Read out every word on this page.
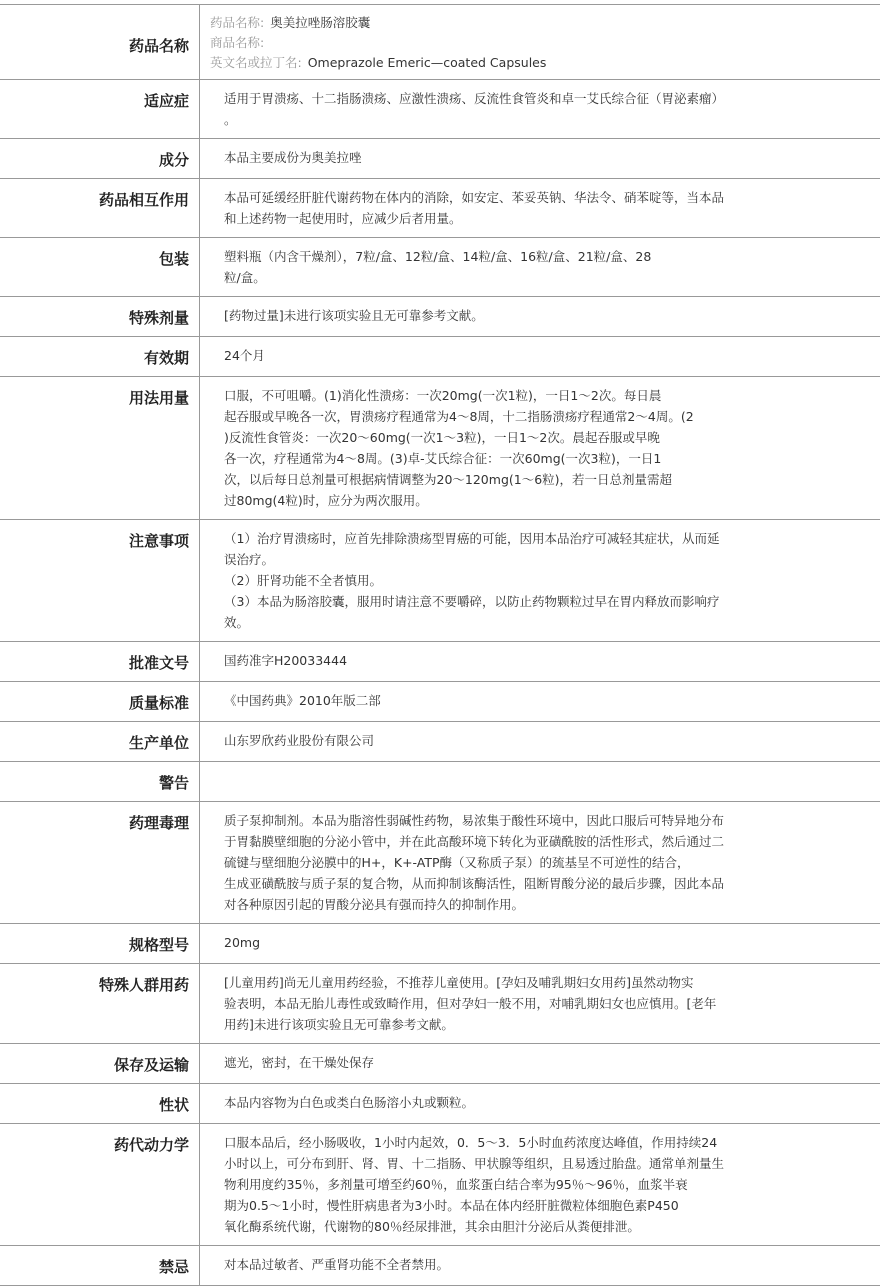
药品名称
药品名称: 奥美拉唑肠溶胶囊
商品名称:
英文名或拉丁名: Omeprazole Emeric—coated Capsules
适应症	适用于胃溃疡、十二指肠溃疡、应激性溃疡、反流性食管炎和卓一艾氏综合征（胃泌素瘤）
。
成分	本品主要成份为奥美拉唑
药品相互作用	本品可延缓经肝脏代谢药物在体内的消除，如安定、苯妥英钠、华法令、硝苯啶等，当本品
和上述药物一起使用时，应减少后者用量。
包装	塑料瓶（内含干燥剂），7粒/盒、12粒/盒、14粒/盒、16粒/盒、21粒/盒、28
粒/盒。
特殊剂量	[药物过量]未进行该项实验且无可靠参考文献。
有效期	24个月
用法用量	口服，不可咀嚼。(1)消化性溃疡：一次20mg(一次1粒)，一日1～2次。每日晨
起吞服或早晚各一次，胃溃疡疗程通常为4～8周，十二指肠溃疡疗程通常2～4周。(2
)反流性食管炎：一次20～60mg(一次1～3粒)，一日1～2次。晨起吞服或早晚
各一次，疗程通常为4～8周。(3)卓-艾氏综合征：一次60mg(一次3粒)，一日1
次，以后每日总剂量可根据病情调整为20～120mg(1～6粒)，若一日总剂量需超
过80mg(4粒)时，应分为两次服用。
注意事项	（1）治疗胃溃疡时，应首先排除溃疡型胃癌的可能，因用本品治疗可减轻其症状，从而延
误治疗。
（2）肝肾功能不全者慎用。
（3）本品为肠溶胶囊，服用时请注意不要嚼碎，以防止药物颗粒过早在胃内释放而影响疗
效。
批准文号	国药准字H20033444
质量标准	《中国药典》2010年版二部
生产单位	山东罗欣药业股份有限公司
警告
药理毒理	质子泵抑制剂。本品为脂溶性弱碱性药物，易浓集于酸性环境中，因此口服后可特异地分布
于胃黏膜壁细胞的分泌小管中，并在此高酸环境下转化为亚磺酰胺的活性形式，然后通过二
硫键与壁细胞分泌膜中的H+，K+-ATP酶（又称质子泵）的巯基呈不可逆性的结合，
生成亚磺酰胺与质子泵的复合物，从而抑制该酶活性，阻断胃酸分泌的最后步骤，因此本品
对各种原因引起的胃酸分泌具有强而持久的抑制作用。
规格型号	20mg
特殊人群用药	[儿童用药]尚无儿童用药经验，不推荐儿童使用。[孕妇及哺乳期妇女用药]虽然动物实
验表明，本品无胎儿毒性或致畸作用，但对孕妇一般不用，对哺乳期妇女也应慎用。[老年
用药]未进行该项实验且无可靠参考文献。
保存及运输	遮光，密封，在干燥处保存
性状	本品内容物为白色或类白色肠溶小丸或颗粒。
药代动力学	口服本品后，经小肠吸收，1小时内起效，0．5～3．5小时血药浓度达峰值，作用持续24
小时以上，可分布到肝、肾、胃、十二指肠、甲状腺等组织，且易透过胎盘。通常单剂量生
物利用度约35％，多剂量可增至约60％，血浆蛋白结合率为95％～96％，血浆半衰
期为0.5～1小时，慢性肝病患者为3小时。本品在体内经肝脏微粒体细胞色素P450
氧化酶系统代谢，代谢物的80％经尿排泄，其余由胆汁分泌后从粪便排泄。
禁忌	对本品过敏者、严重肾功能不全者禁用。
